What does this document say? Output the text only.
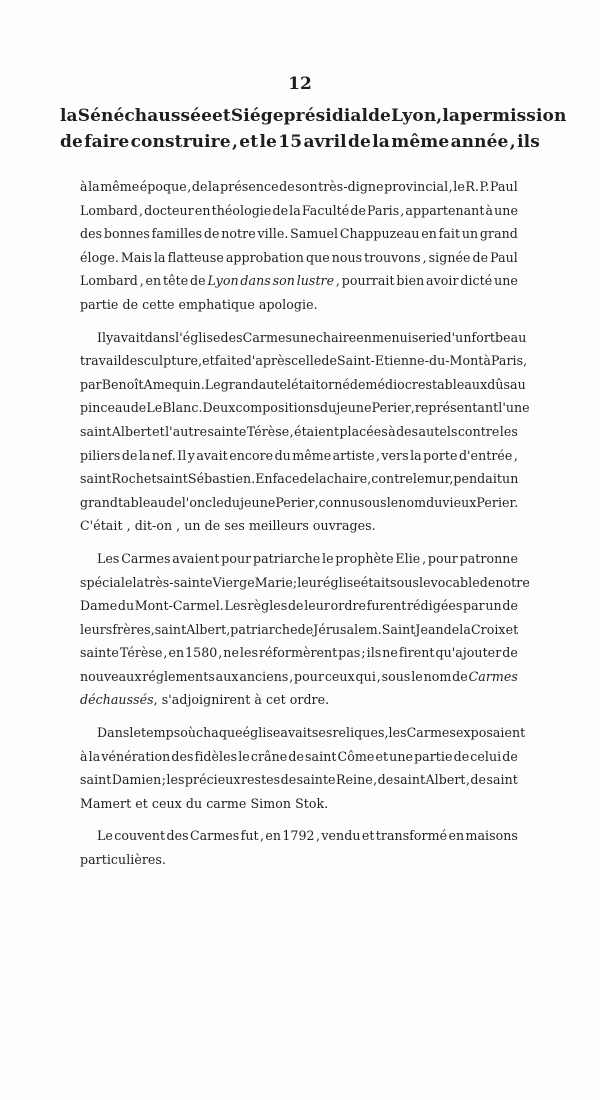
12
la Sénéchaussée et Siége présidial de Lyon , la permission
de faire construire , et le 15 avril de la même année , ils
à la même époque , de la présence de son très-digne provincial , le R. P. Paul
Lombard , docteur en théologie de la Faculté de Paris , appartenant à une
des bonnes familles de notre ville. Samuel Chappuzeau en fait un grand
éloge. Mais la flatteuse approbation que nous trouvons , signée de Paul
Lombard , en tête de Lyon dans son lustre , pourrait bien avoir dicté une
partie de cette emphatique apologie.
Il y avait dans l'église des Carmes une chaire en menuiserie d'un fort beau
travail de sculpture , et faite d'après celle de Saint-Etienne-du-Mont à Paris ,
par Benoît Amequin. Le grand autel était orné de médiocres tableaux dûs au
pinceau de Le Blanc. Deux compositions du jeune Perier , représentant l'une
saint Albert et l'autre sainte Térèse , étaient placées à des autels contre les
piliers de la nef. Il y avait encore du même artiste , vers la porte d'entrée ,
saint Roch et saint Sébastien. En face de la chaire , contre le mur, pendait un
grand tableau de l'oncle du jeune Perier , connu sous le nom du vieux Perier.
C'était , dit-on , un de ses meilleurs ouvrages.
Les Carmes avaient pour patriarche le prophète Elie , pour patronne
spéciale la très-sainte Vierge Marie ; leur église était sous le vocable de notre
Dame du Mont-Carmel. Les règles de leur ordre furent rédigées par un de
leurs frères, saint Albert, patriarche de Jérusalem. Saint Jean de la Croix et
sainte Térèse , en 1580 , ne les réformèrent pas ; ils ne firent qu'ajouter de
nouveaux réglements aux anciens , pour ceux qui , sous le nom de Carmes
déchaussés , s'adjoignirent à cet ordre.
Dans le temps où chaque église avait ses reliques , les Carmes exposaient
à la vénération des fidèles le crâne de saint Côme et une partie de celui de
saint Damien ; les précieux restes de sainte Reine , de saint Albert , de saint
Mamert et ceux du carme Simon Stok.
Le couvent des Carmes fut , en 1792 , vendu et transformé en maisons
particulières.
